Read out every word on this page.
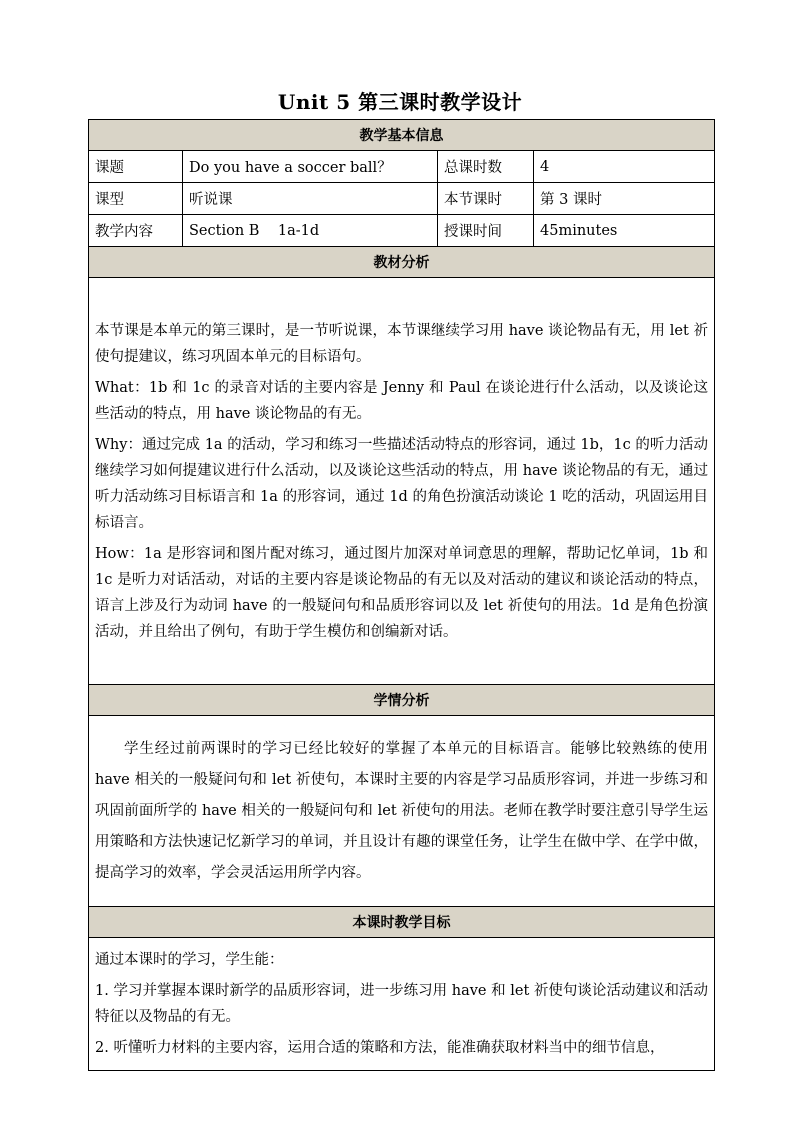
Unit 5 第三课时教学设计
教学基本信息			
课题	Do you have a soccer ball？	总课时数	4
课型	听说课	本节课时	第 3 课时
教学内容	Section B    1a-1d	授课时间	45minutes
教材分析			

本节课是本单元的第三课时，是一节听说课，本节课继续学习用 have 谈论物品有无，用 let 祈使句提建议，练习巩固本单元的目标语句。

What：1b 和 1c 的录音对话的主要内容是 Jenny 和 Paul 在谈论进行什么活动，以及谈论这些活动的特点，用 have 谈论物品的有无。

Why：通过完成 1a 的活动，学习和练习一些描述活动特点的形容词，通过 1b，1c 的听力活动继续学习如何提建议进行什么活动，以及谈论这些活动的特点，用 have 谈论物品的有无，通过听力活动练习目标语言和 1a 的形容词，通过 1d 的角色扮演活动谈论 1 吃的活动，巩固运用目标语言。

How：1a 是形容词和图片配对练习，通过图片加深对单词意思的理解，帮助记忆单词，1b 和 1c 是听力对话活动，对话的主要内容是谈论物品的有无以及对活动的建议和谈论活动的特点，语言上涉及行为动词 have 的一般疑问句和品质形容词以及 let 祈使句的用法。1d 是角色扮演活动，并且给出了例句，有助于学生模仿和创编新对话。			

学情分析			

学生经过前两课时的学习已经比较好的掌握了本单元的目标语言。能够比较熟练的使用 have 相关的一般疑问句和 let 祈使句，本课时主要的内容是学习品质形容词，并进一步练习和巩固前面所学的 have 相关的一般疑问句和 let 祈使句的用法。老师在教学时要注意引导学生运用策略和方法快速记忆新学习的单词，并且设计有趣的课堂任务，让学生在做中学、在学中做，提高学习的效率，学会灵活运用所学内容。			

本课时教学目标			

通过本课时的学习，学生能：

1. 学习并掌握本课时新学的品质形容词，进一步练习用 have 和 let 祈使句谈论活动建议和活动特征以及物品的有无。

2. 听懂听力材料的主要内容，运用合适的策略和方法，能准确获取材料当中的细节信息，			
